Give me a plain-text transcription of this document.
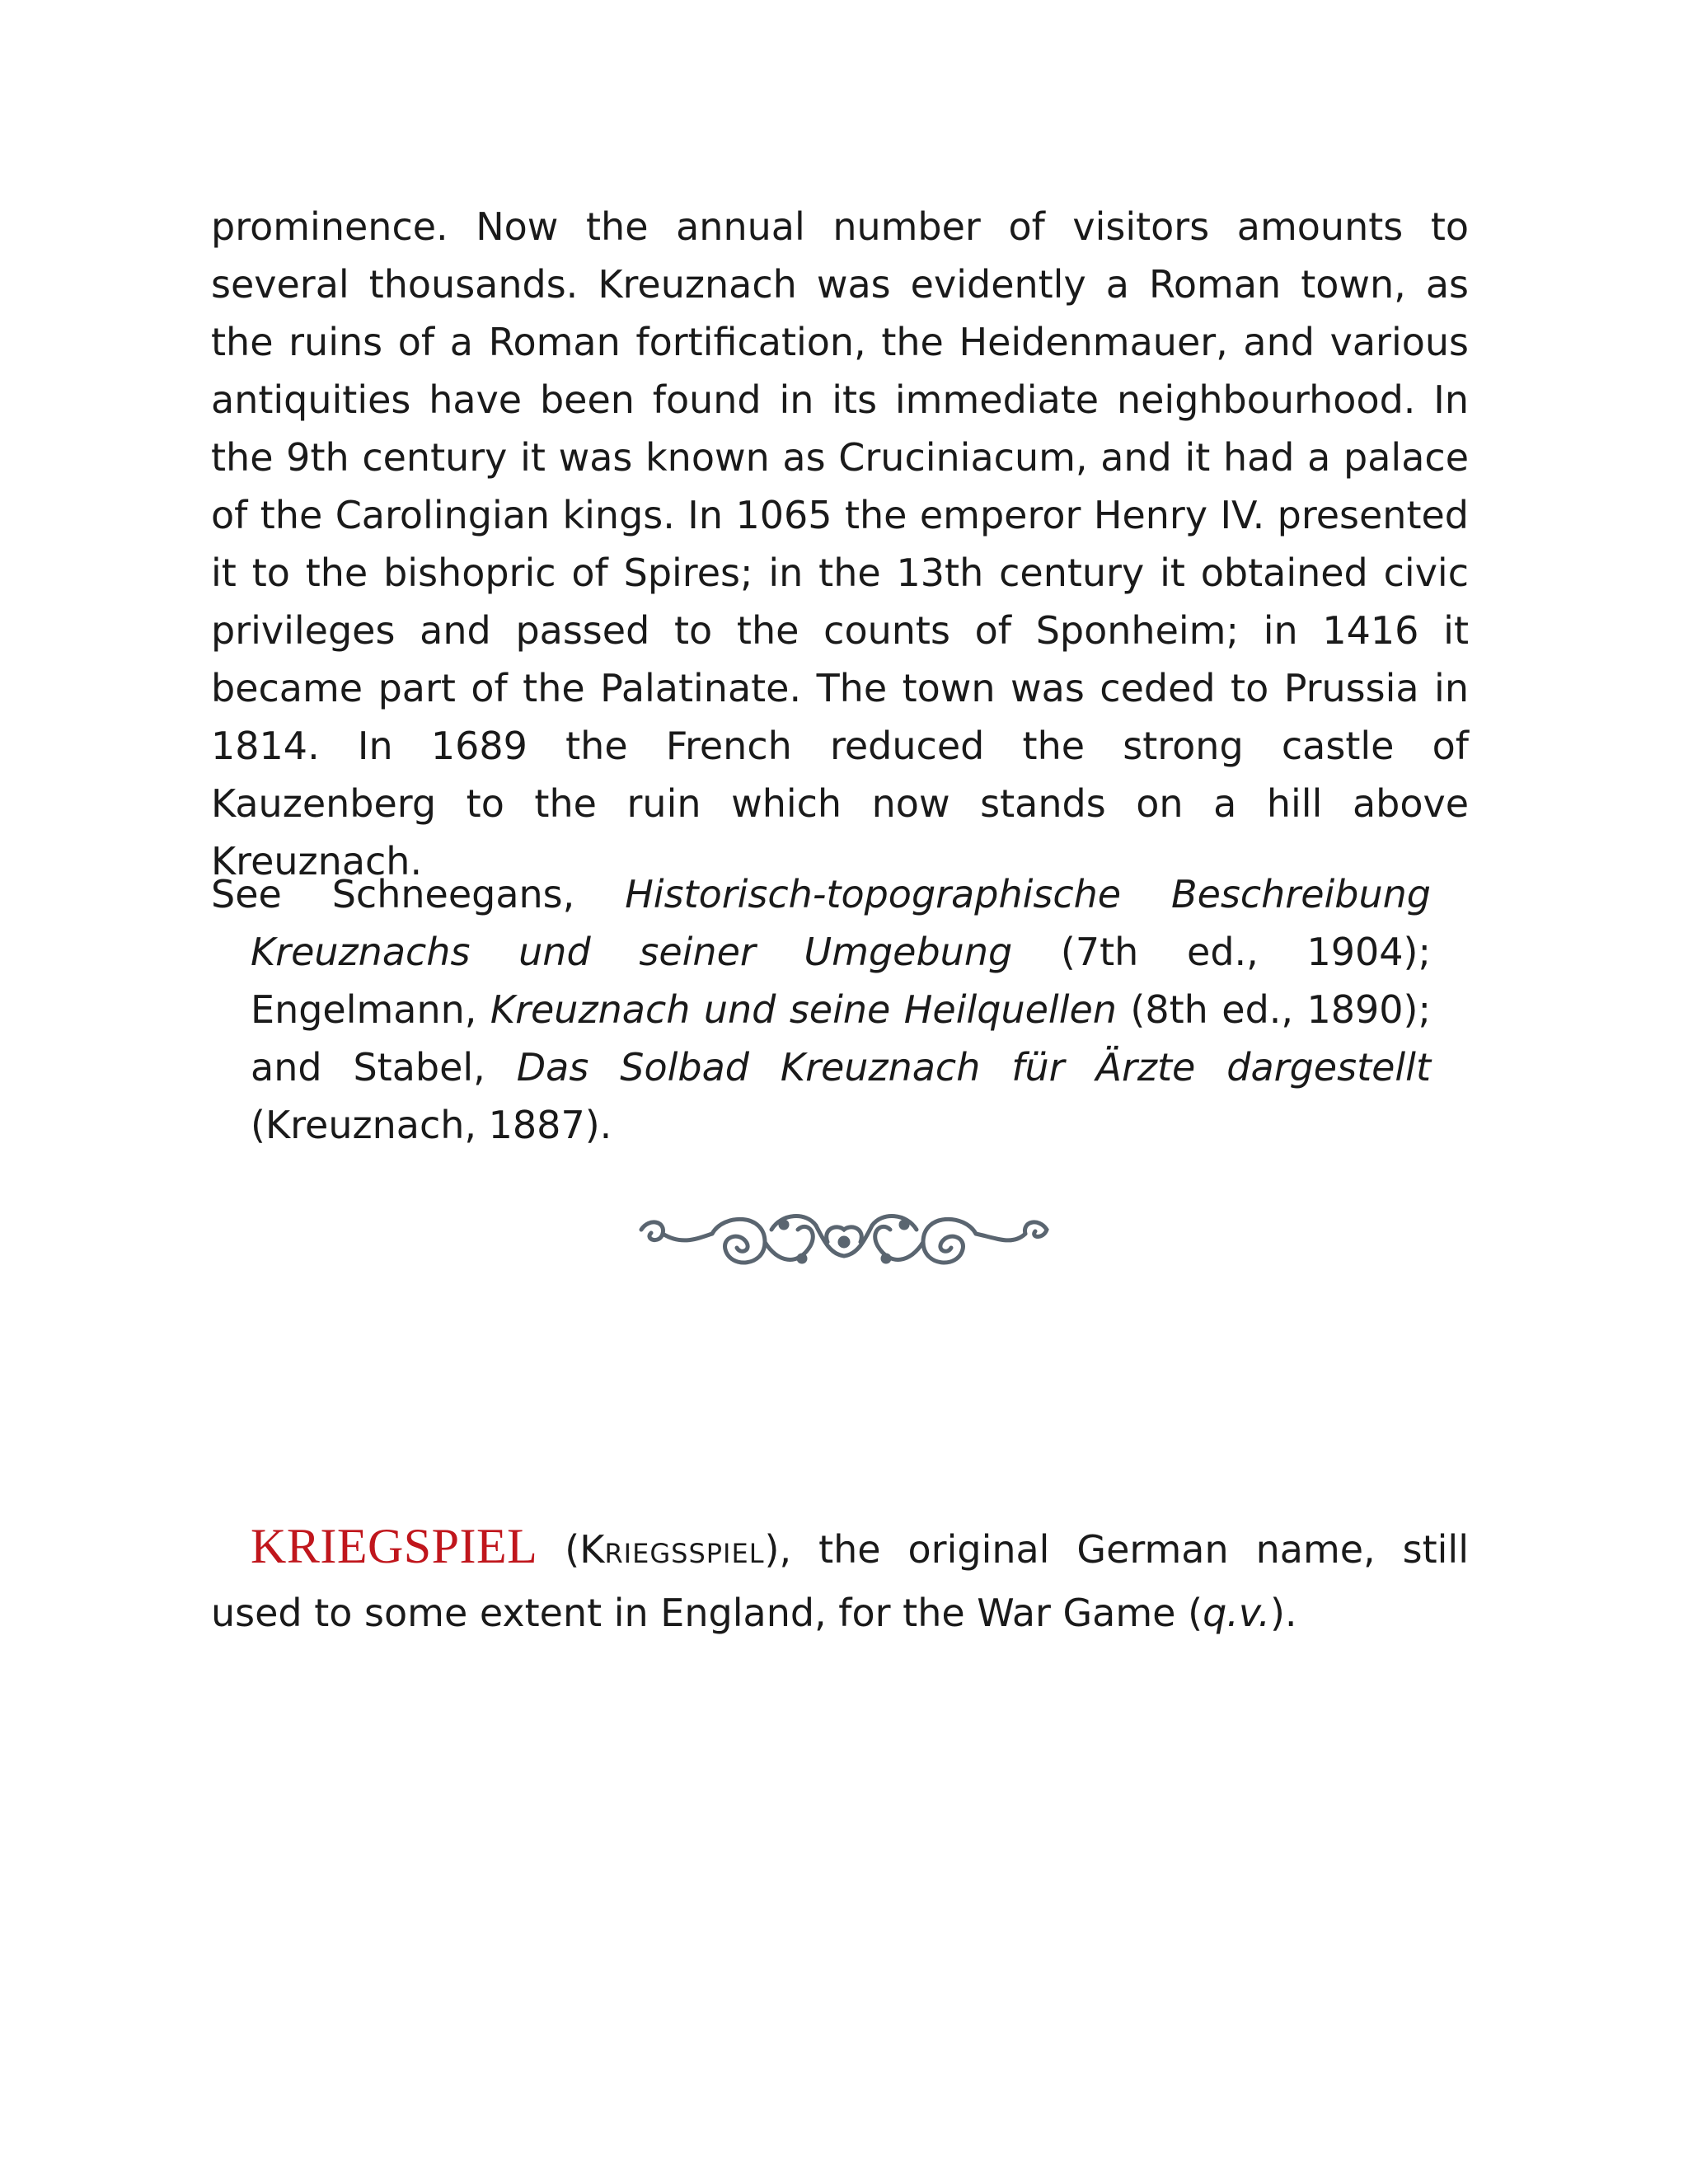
prominence. Now the annual number of visitors amounts to several thousands. Kreuznach was evidently a Roman town, as the ruins of a Roman fortification, the Heidenmauer, and various antiquities have been found in its immediate neighbourhood. In the 9th century it was known as Cruciniacum, and it had a palace of the Carolingian kings. In 1065 the emperor Henry IV. presented it to the bishopric of Spires; in the 13th century it obtained civic privileges and passed to the counts of Sponheim; in 1416 it became part of the Palatinate. The town was ceded to Prussia in 1814. In 1689 the French reduced the strong castle of Kauzenberg to the ruin which now stands on a hill above Kreuznach.

See Schneegans, Historisch-topographische Beschreibung Kreuznachs und seiner Umgebung (7th ed., 1904); Engelmann, Kreuznach und seine Heilquellen (8th ed., 1890); and Stabel, Das Solbad Kreuznach für Ärzte dargestellt (Kreuznach, 1887).

KRIEGSPIEL (KRIEGSSPIEL), the original German name, still used to some extent in England, for the War Game (q.v.).
